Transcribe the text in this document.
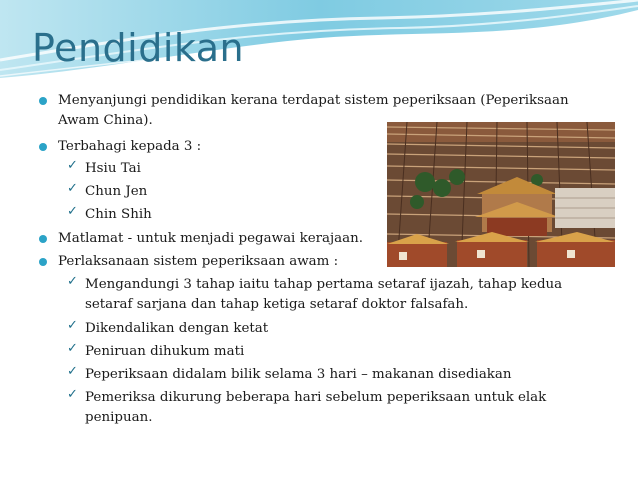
Pendidikan
Menyanjungi pendidikan kerana terdapat sistem peperiksaan (Peperiksaan
Awam China).
Terbahagi kepada 3 :
✓ Hsiu Tai
✓ Chun Jen
✓ Chin Shih
Matlamat - untuk menjadi pegawai kerajaan.
Perlaksanaan sistem peperiksaan awam :
✓ Mengandungi 3 tahap iaitu tahap pertama setaraf ijazah, tahap kedua
setaraf sarjana dan tahap ketiga setaraf doktor falsafah.
✓ Dikendalikan dengan ketat
✓ Peniruan dihukum mati
✓ Peperiksaan didalam bilik selama 3 hari – makanan disediakan
✓ Pemeriksa dikurung beberapa hari sebelum peperiksaan untuk elak
penipuan.
